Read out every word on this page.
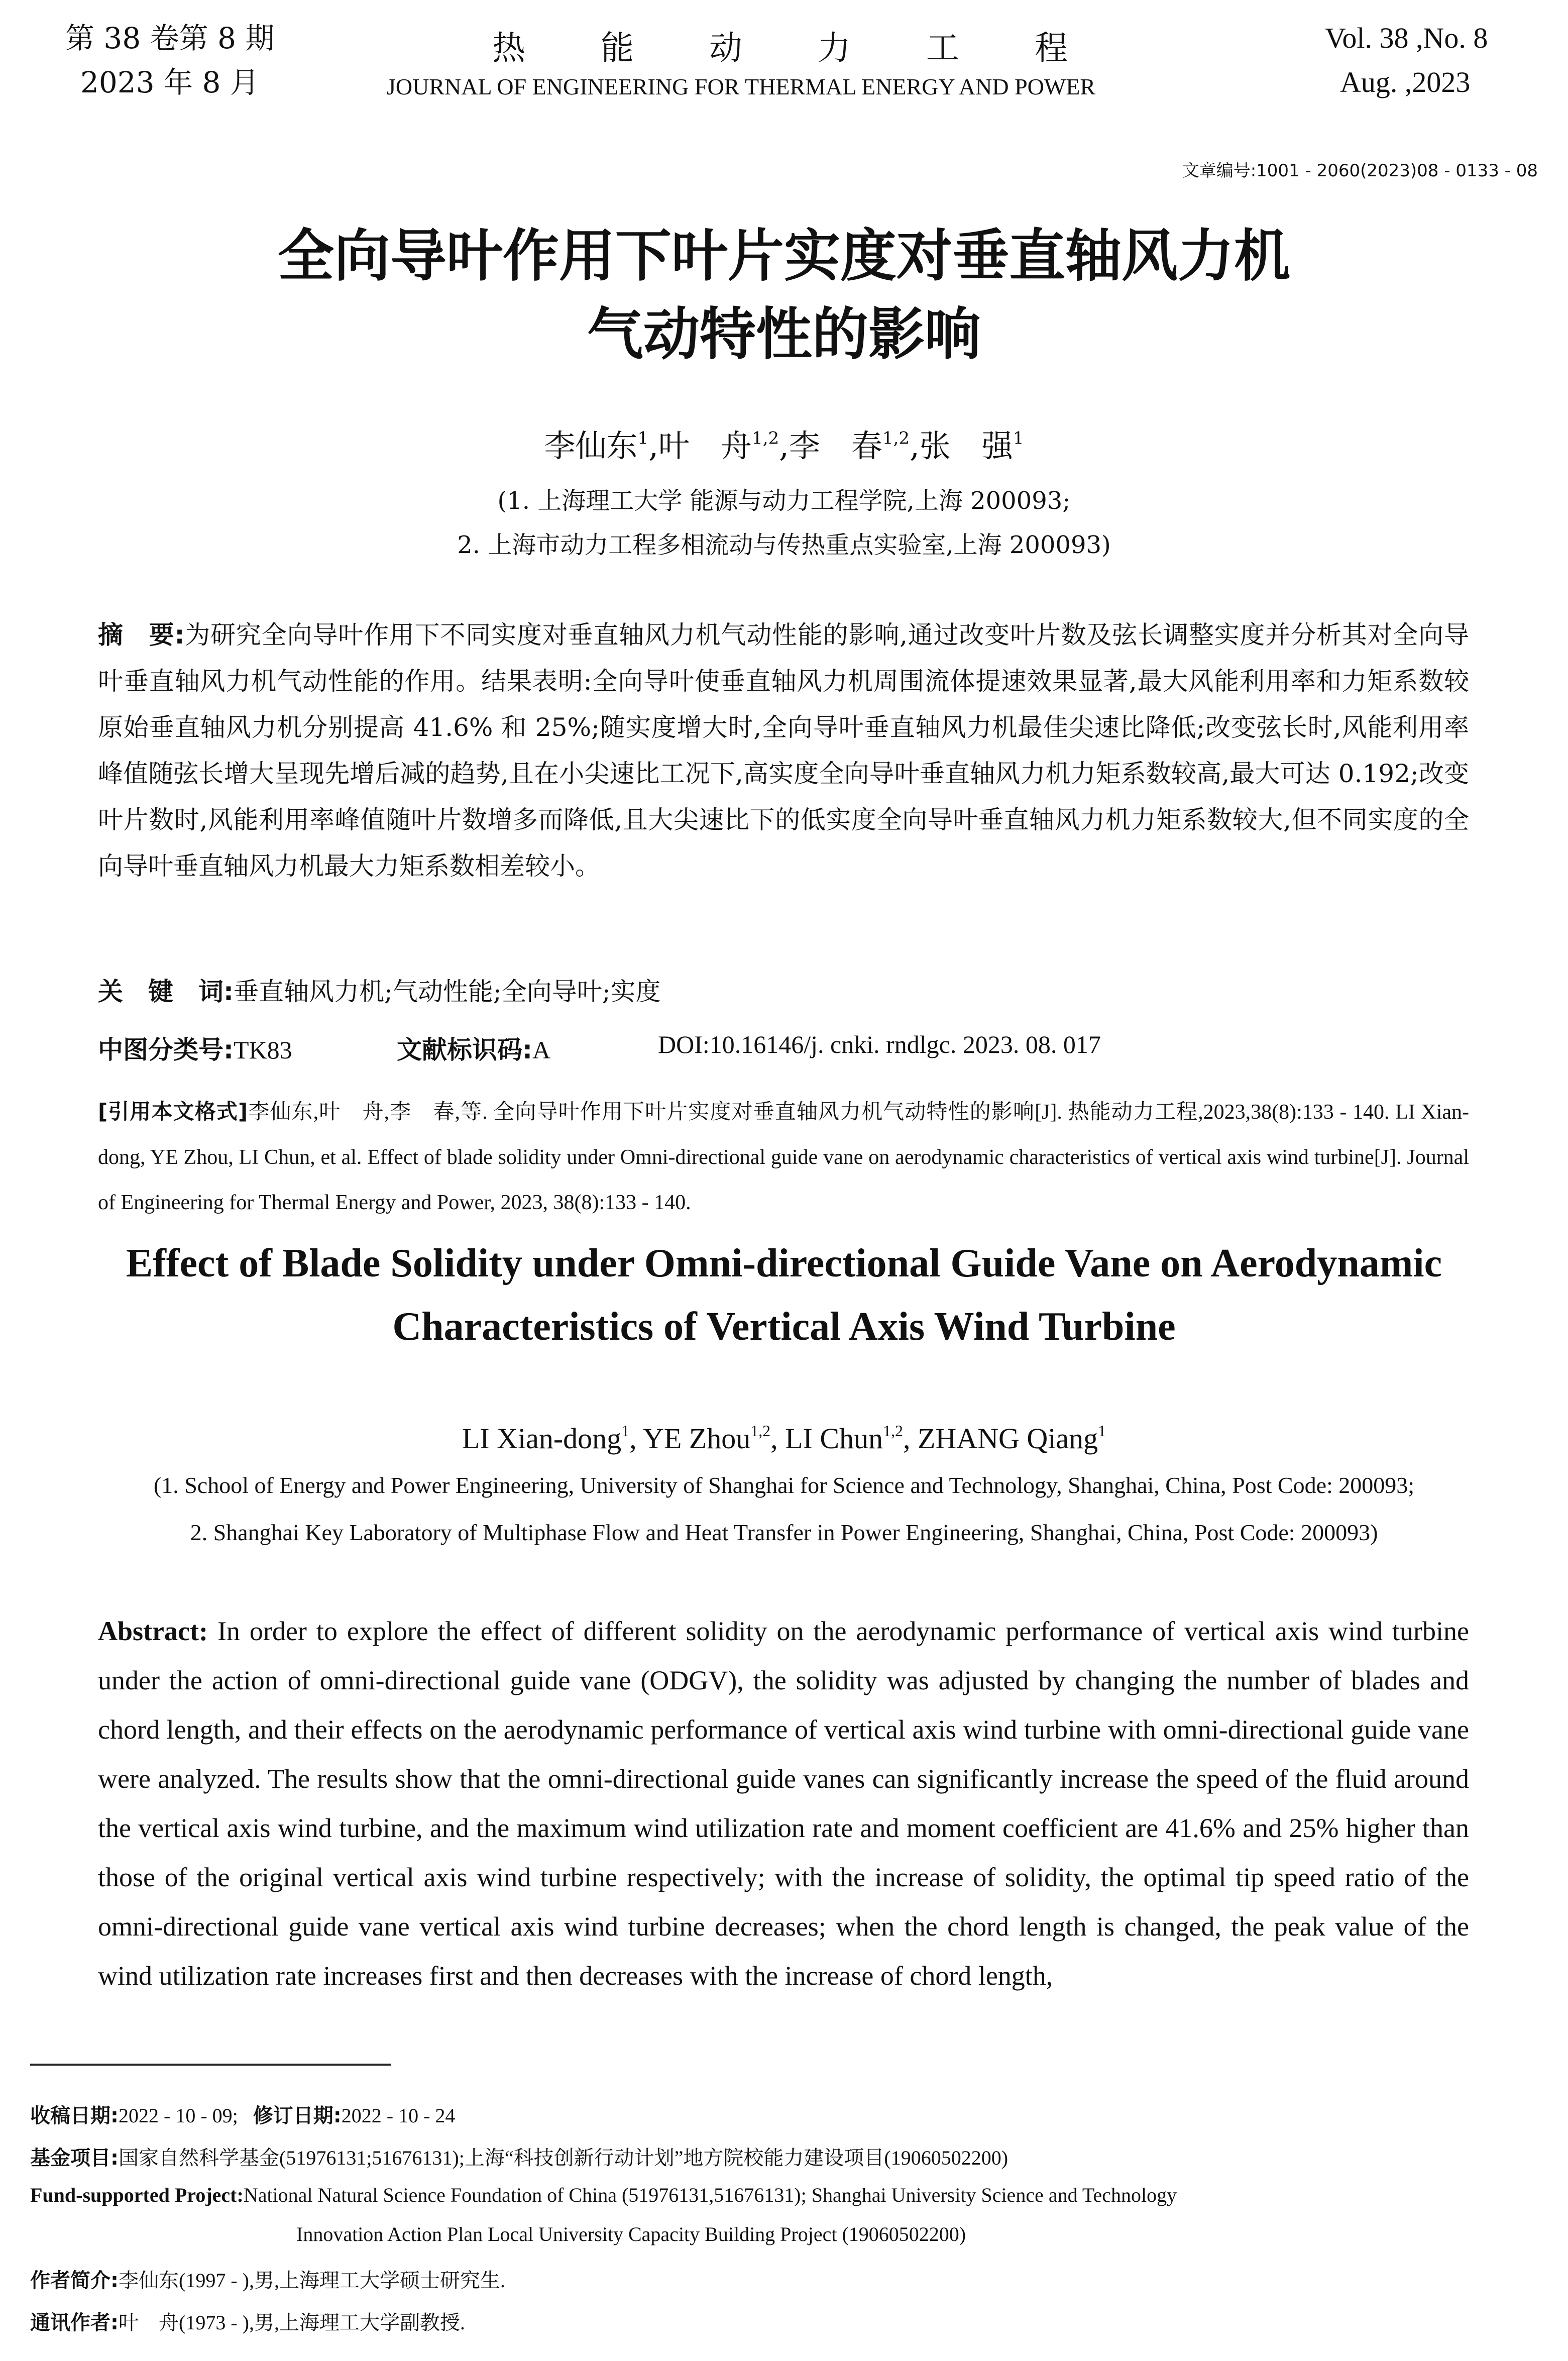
第 38 卷第 8 期
2023 年 8 月
热能动力工程
JOURNAL OF ENGINEERING FOR THERMAL ENERGY AND POWER
Vol. 38 ,No. 8
Aug. ,2023
文章编号:1001 - 2060(2023)08 - 0133 - 08
全向导叶作用下叶片实度对垂直轴风力机
气动特性的影响
李仙东$^1$,叶　舟$^{1,2}$,李　春$^{1,2}$,张　强$^1$
(1. 上海理工大学 能源与动力工程学院,上海 200093;
2. 上海市动力工程多相流动与传热重点实验室,上海 200093)
摘　要:为研究全向导叶作用下不同实度对垂直轴风力机气动性能的影响,通过改变叶片数及弦长调整实度并分析其对全向导叶垂直轴风力机气动性能的作用。结果表明:全向导叶使垂直轴风力机周围流体提速效果显著,最大风能利用率和力矩系数较原始垂直轴风力机分别提高 41.6% 和 25%;随实度增大时,全向导叶垂直轴风力机最佳尖速比降低;改变弦长时,风能利用率峰值随弦长增大呈现先增后减的趋势,且在小尖速比工况下,高实度全向导叶垂直轴风力机力矩系数较高,最大可达 0.192;改变叶片数时,风能利用率峰值随叶片数增多而降低,且大尖速比下的低实度全向导叶垂直轴风力机力矩系数较大,但不同实度的全向导叶垂直轴风力机最大力矩系数相差较小。
关　键　词:垂直轴风力机;气动性能;全向导叶;实度
中图分类号:TK83	文献标识码:A	DOI:10.16146/j. cnki. rndlgc. 2023. 08. 017
[引用本文格式]李仙东,叶　舟,李　春,等. 全向导叶作用下叶片实度对垂直轴风力机气动特性的影响[J]. 热能动力工程,2023,38(8):133 - 140. LI Xian-dong, YE Zhou, LI Chun, et al. Effect of blade solidity under Omni-directional guide vane on aerodynamic characteristics of vertical axis wind turbine[J]. Journal of Engineering for Thermal Energy and Power, 2023, 38(8):133 - 140.
Effect of Blade Solidity under Omni-directional Guide Vane on Aerodynamic
Characteristics of Vertical Axis Wind Turbine
LI Xian-dong$^1$, YE Zhou$^{1,2}$, LI Chun$^{1,2}$, ZHANG Qiang$^1$
(1. School of Energy and Power Engineering, University of Shanghai for Science and Technology, Shanghai, China, Post Code: 200093;
2. Shanghai Key Laboratory of Multiphase Flow and Heat Transfer in Power Engineering, Shanghai, China, Post Code: 200093)
Abstract: In order to explore the effect of different solidity on the aerodynamic performance of vertical axis wind turbine under the action of omni-directional guide vane (ODGV), the solidity was adjusted by changing the number of blades and chord length, and their effects on the aerodynamic performance of vertical axis wind turbine with omni-directional guide vane were analyzed. The results show that the omni-directional guide vanes can significantly increase the speed of the fluid around the vertical axis wind turbine, and the maximum wind utilization rate and moment coefficient are 41.6% and 25% higher than those of the original vertical axis wind turbine respectively; with the increase of solidity, the optimal tip speed ratio of the omni-directional guide vane vertical axis wind turbine decreases; when the chord length is changed, the peak value of the wind utilization rate increases first and then decreases with the increase of chord length,
收稿日期:2022 - 10 - 09; 修订日期:2022 - 10 - 24
基金项目:国家自然科学基金(51976131;51676131);上海“科技创新行动计划”地方院校能力建设项目(19060502200)
Fund-supported Project:National Natural Science Foundation of China (51976131,51676131); Shanghai University Science and Technology
Innovation Action Plan Local University Capacity Building Project (19060502200)
作者简介:李仙东(1997 - ),男,上海理工大学硕士研究生.
通讯作者:叶　舟(1973 - ),男,上海理工大学副教授.
